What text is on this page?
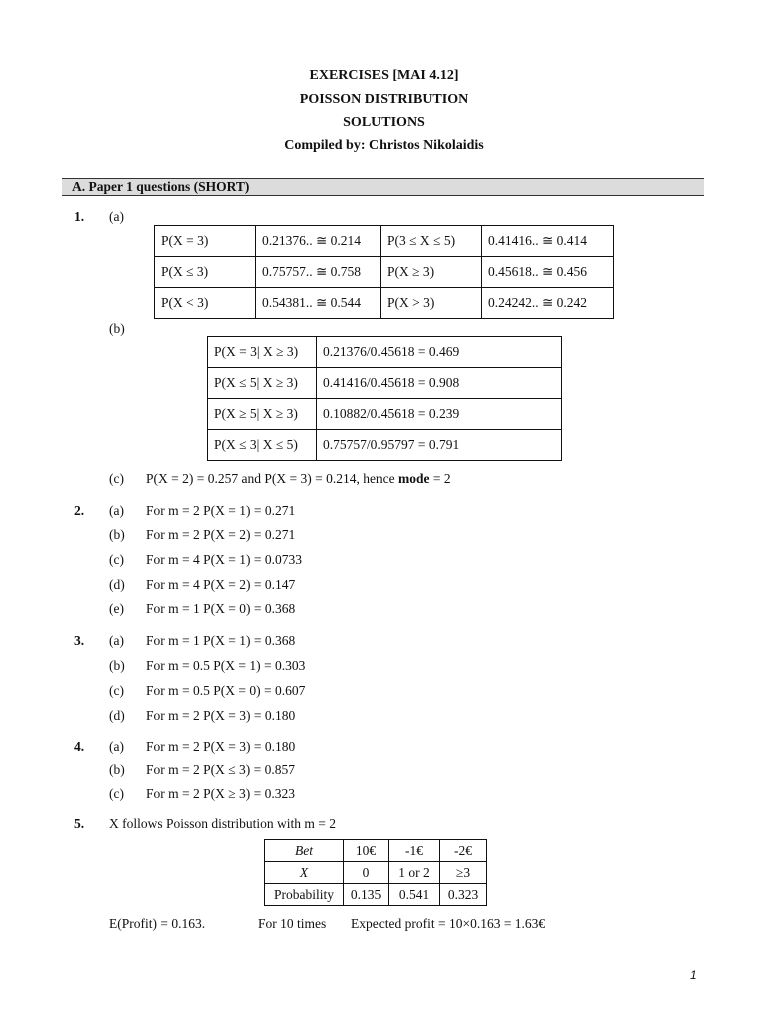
EXERCISES [MAI 4.12]
POISSON DISTRIBUTION
SOLUTIONS
Compiled by: Christos Nikolaidis
A. Paper 1 questions (SHORT)
1. (a)
P(X = 3)	0.21376.. ≅ 0.214	P(3 ≤ X ≤ 5)	0.41416.. ≅ 0.414
P(X ≤ 3)	0.75757.. ≅ 0.758	P(X ≥ 3)	0.45618.. ≅ 0.456
P(X < 3)	0.54381.. ≅ 0.544	P(X > 3)	0.24242.. ≅ 0.242
(b)
P(X = 3| X ≥ 3)	0.21376/0.45618 = 0.469
P(X ≤ 5| X ≥ 3)	0.41416/0.45618 = 0.908
P(X ≥ 5| X ≥ 3)	0.10882/0.45618 = 0.239
P(X ≤ 3| X ≤ 5)	0.75757/0.95797 = 0.791
(c) P(X = 2) = 0.257 and P(X = 3) = 0.214, hence mode = 2
2. (a) For m = 2 P(X = 1) = 0.271
(b) For m = 2 P(X = 2) = 0.271
(c) For m = 4 P(X = 1) = 0.0733
(d) For m = 4 P(X = 2) = 0.147
(e) For m = 1 P(X = 0) = 0.368
3. (a) For m = 1 P(X = 1) = 0.368
(b) For m = 0.5 P(X = 1) = 0.303
(c) For m = 0.5 P(X = 0) = 0.607
(d) For m = 2 P(X = 3) = 0.180
4. (a) For m = 2 P(X = 3) = 0.180
(b) For m = 2 P(X ≤ 3) = 0.857
(c) For m = 2 P(X ≥ 3) = 0.323
5. X follows Poisson distribution with m = 2
Bet	10€	-1€	-2€
X	0	1 or 2	≥3
Probability	0.135	0.541	0.323
E(Profit) = 0.163.	For 10 times Expected profit = 10×0.163 = 1.63€
1
